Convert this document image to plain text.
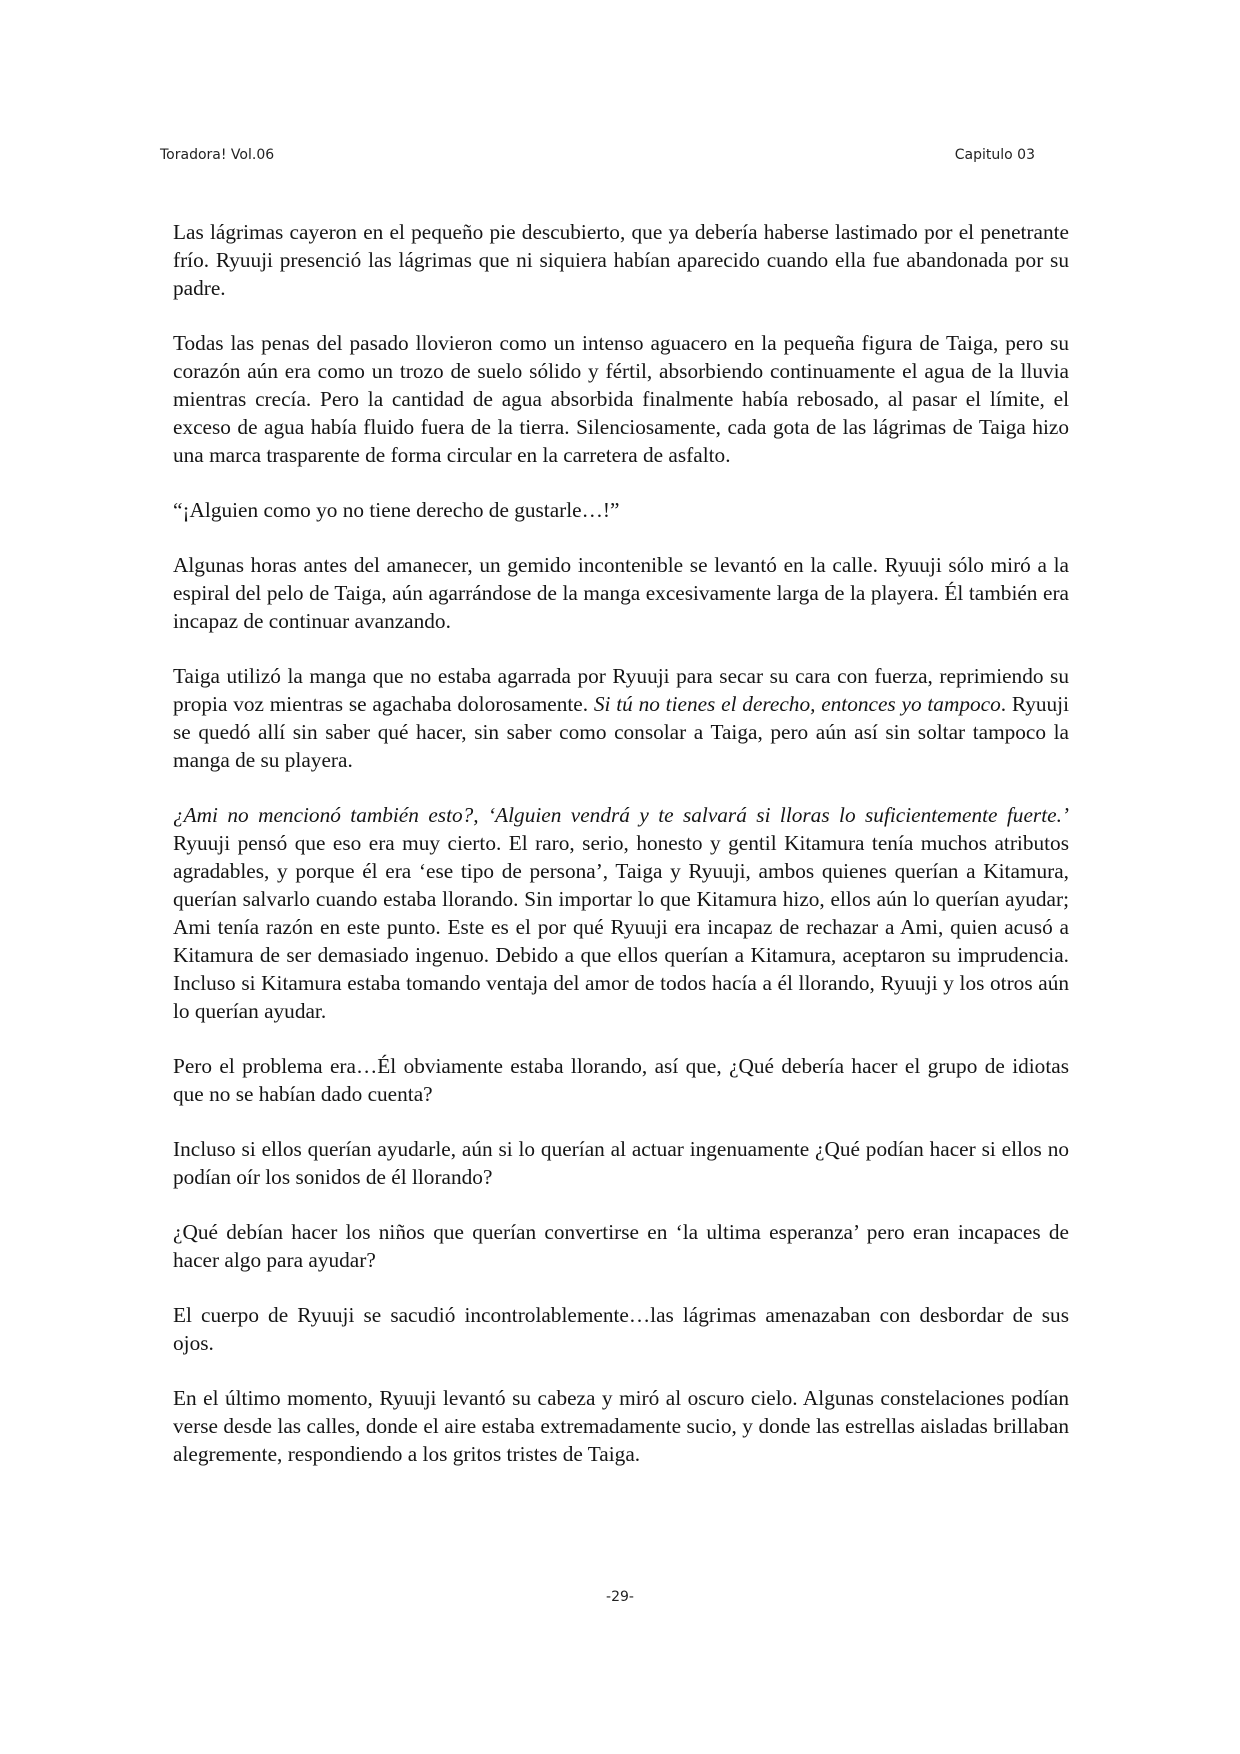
Toradora! Vol.06	Capitulo 03

Las lágrimas cayeron en el pequeño pie descubierto, que ya debería haberse lastimado por el penetrante frío. Ryuuji presenció las lágrimas que ni siquiera habían aparecido cuando ella fue abandonada por su padre.

Todas las penas del pasado llovieron como un intenso aguacero en la pequeña figura de Taiga, pero su corazón aún era como un trozo de suelo sólido y fértil, absorbiendo continuamente el agua de la lluvia mientras crecía. Pero la cantidad de agua absorbida finalmente había rebosado, al pasar el límite, el exceso de agua había fluido fuera de la tierra. Silenciosamente, cada gota de las lágrimas de Taiga hizo una marca trasparente de forma circular en la carretera de asfalto.

“¡Alguien como yo no tiene derecho de gustarle…!”

Algunas horas antes del amanecer, un gemido incontenible se levantó en la calle. Ryuuji sólo miró a la espiral del pelo de Taiga, aún agarrándose de la manga excesivamente larga de la playera. Él también era incapaz de continuar avanzando.

Taiga utilizó la manga que no estaba agarrada por Ryuuji para secar su cara con fuerza, reprimiendo su propia voz mientras se agachaba dolorosamente. Si tú no tienes el derecho, entonces yo tampoco. Ryuuji se quedó allí sin saber qué hacer, sin saber como consolar a Taiga, pero aún así sin soltar tampoco la manga de su playera.

¿Ami no mencionó también esto?, ‘Alguien vendrá y te salvará si lloras lo suficientemente fuerte.’ Ryuuji pensó que eso era muy cierto. El raro, serio, honesto y gentil Kitamura tenía muchos atributos agradables, y porque él era ‘ese tipo de persona’, Taiga y Ryuuji, ambos quienes querían a Kitamura, querían salvarlo cuando estaba llorando. Sin importar lo que Kitamura hizo, ellos aún lo querían ayudar; Ami tenía razón en este punto. Este es el por qué Ryuuji era incapaz de rechazar a Ami, quien acusó a Kitamura de ser demasiado ingenuo. Debido a que ellos querían a Kitamura, aceptaron su imprudencia. Incluso si Kitamura estaba tomando ventaja del amor de todos hacía a él llorando, Ryuuji y los otros aún lo querían ayudar.

Pero el problema era…Él obviamente estaba llorando, así que, ¿Qué debería hacer el grupo de idiotas que no se habían dado cuenta?

Incluso si ellos querían ayudarle, aún si lo querían al actuar ingenuamente ¿Qué podían hacer si ellos no podían oír los sonidos de él llorando?

¿Qué debían hacer los niños que querían convertirse en ‘la ultima esperanza’ pero eran incapaces de hacer algo para ayudar?

El cuerpo de Ryuuji se sacudió incontrolablemente…las lágrimas amenazaban con desbordar de sus ojos.

En el último momento, Ryuuji levantó su cabeza y miró al oscuro cielo. Algunas constelaciones podían verse desde las calles, donde el aire estaba extremadamente sucio, y donde las estrellas aisladas brillaban alegremente, respondiendo a los gritos tristes de Taiga.

-29-
